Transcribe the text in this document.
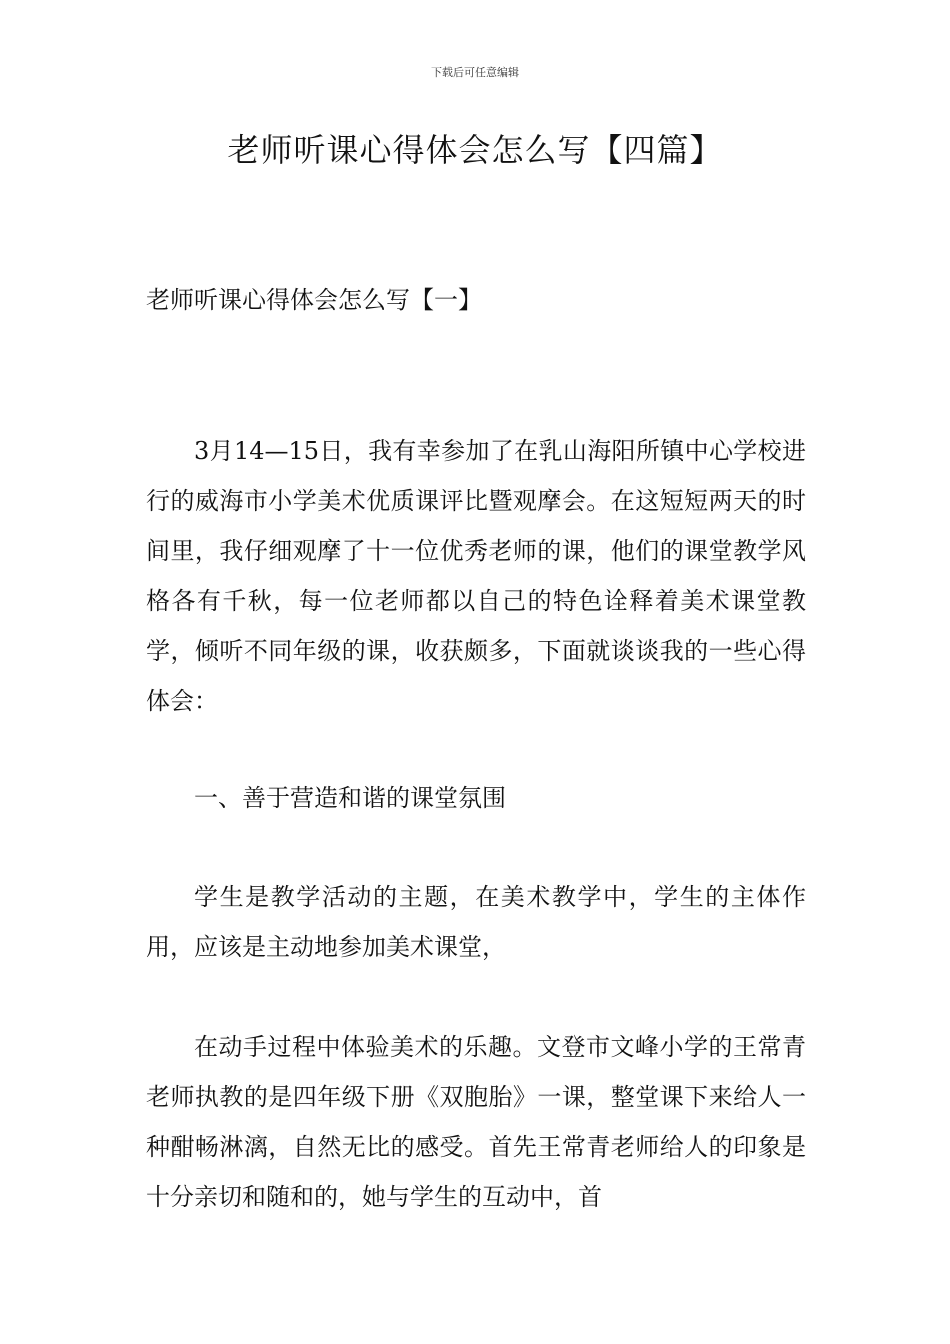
下载后可任意编辑
老师听课心得体会怎么写【四篇】
老师听课心得体会怎么写【一】

3月14—15日，我有幸参加了在乳山海阳所镇中心学校进行的威海市小学美术优质课评比暨观摩会。在这短短两天的时间里，我仔细观摩了十一位优秀老师的课，他们的课堂教学风格各有千秋，每一位老师都以自己的特色诠释着美术课堂教学，倾听不同年级的课，收获颇多，下面就谈谈我的一些心得体会：

一、善于营造和谐的课堂氛围

学生是教学活动的主题，在美术教学中，学生的主体作用，应该是主动地参加美术课堂，

在动手过程中体验美术的乐趣。文登市文峰小学的王常青老师执教的是四年级下册《双胞胎》一课，整堂课下来给人一种酣畅淋漓，自然无比的感受。首先王常青老师给人的印象是十分亲切和随和的，她与学生的互动中，首
